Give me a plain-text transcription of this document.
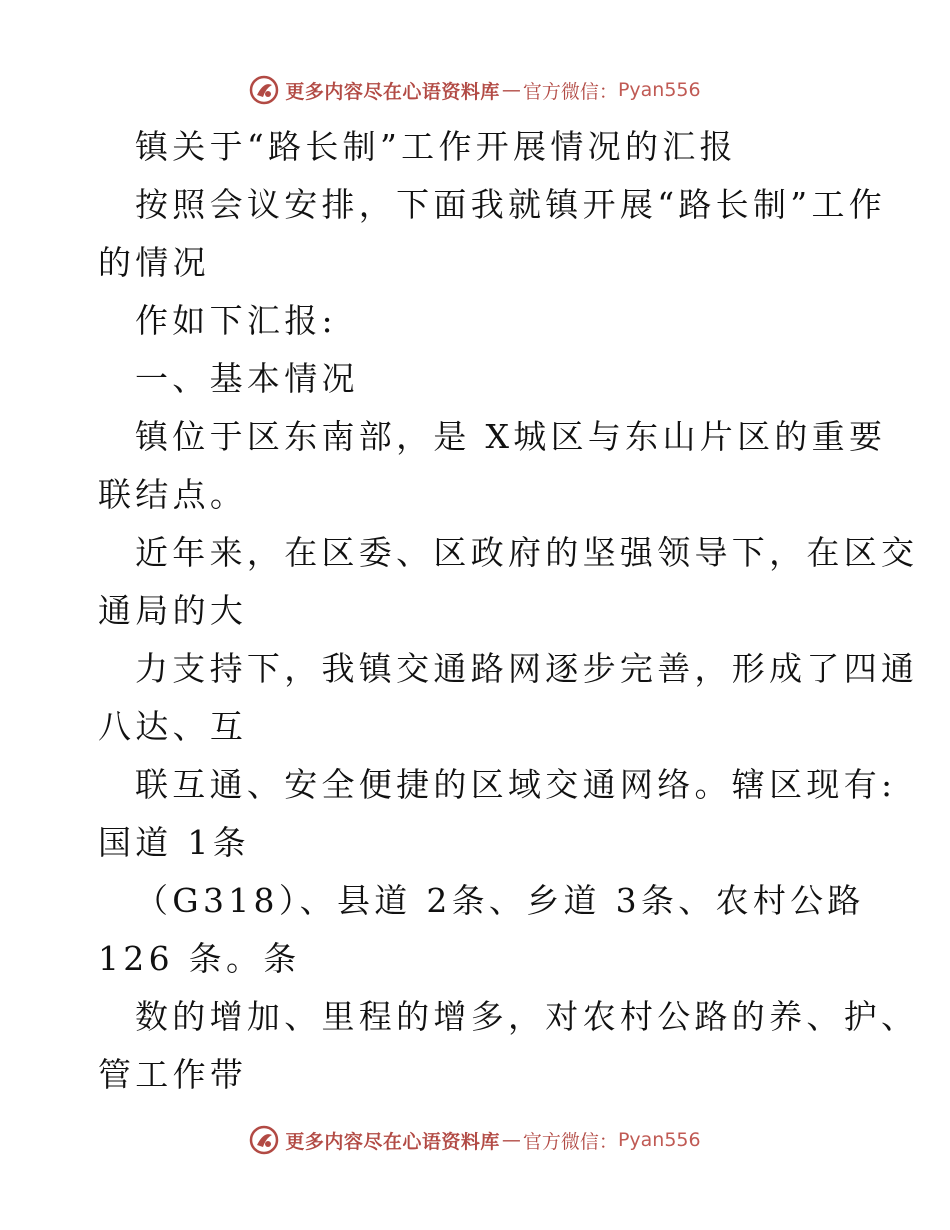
更多内容尽在心语资料库 — 官方微信： Pyan556
镇关于“路长制”工作开展情况的汇报
按照会议安排，下面我就镇开展“路长制”工作
的情况
作如下汇报:
一、基本情况
镇位于区东南部，是 X城区与东山片区的重要
联结点。
近年来，在区委、区政府的坚强领导下，在区交
通局的大
力支持下，我镇交通路网逐步完善，形成了四通
八达、互
联互通、安全便捷的区域交通网络。辖区现有:
国道 1条
（G318）、县道 2条、乡道 3条、农村公路
126 条。条
数的增加、里程的增多，对农村公路的养、护、
管工作带
更多内容尽在心语资料库 — 官方微信： Pyan556
